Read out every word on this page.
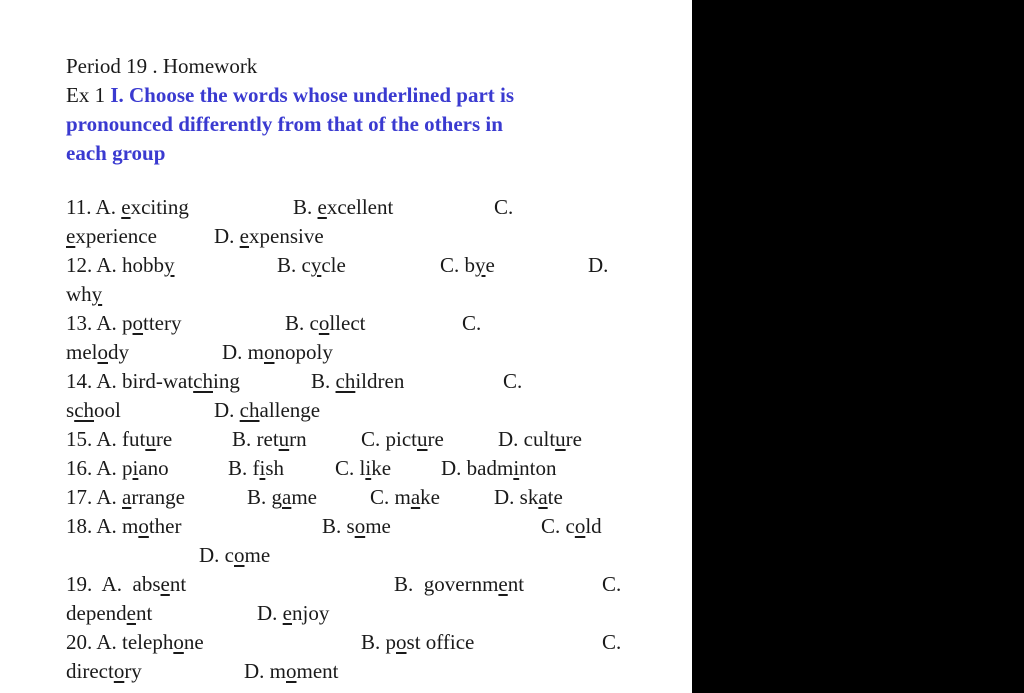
Period 19 . Homework
Ex 1 I. Choose the words whose underlined part is
pronounced differently from that of the others in
each group
11. A. exciting	B. excellent	C.
experience	D. expensive
12. A. hobby	B. cycle	C. bye	D.
why
13. A. pottery	B. collect	C.
melody	D. monopoly
14. A. bird-watching	B. children	C.
school	D. challenge
15. A. future	B. return	C. picture	D. culture
16. A. piano	B. fish C. like D. badminton
17. A. arrange	B. game	C. make	D. skate
18. A. mother	B. some	C. cold
D. come
19.  A.  absent	B.  government	C.
dependent	D. enjoy
20. A. telephone	B. post office	C.
directory	D. moment
